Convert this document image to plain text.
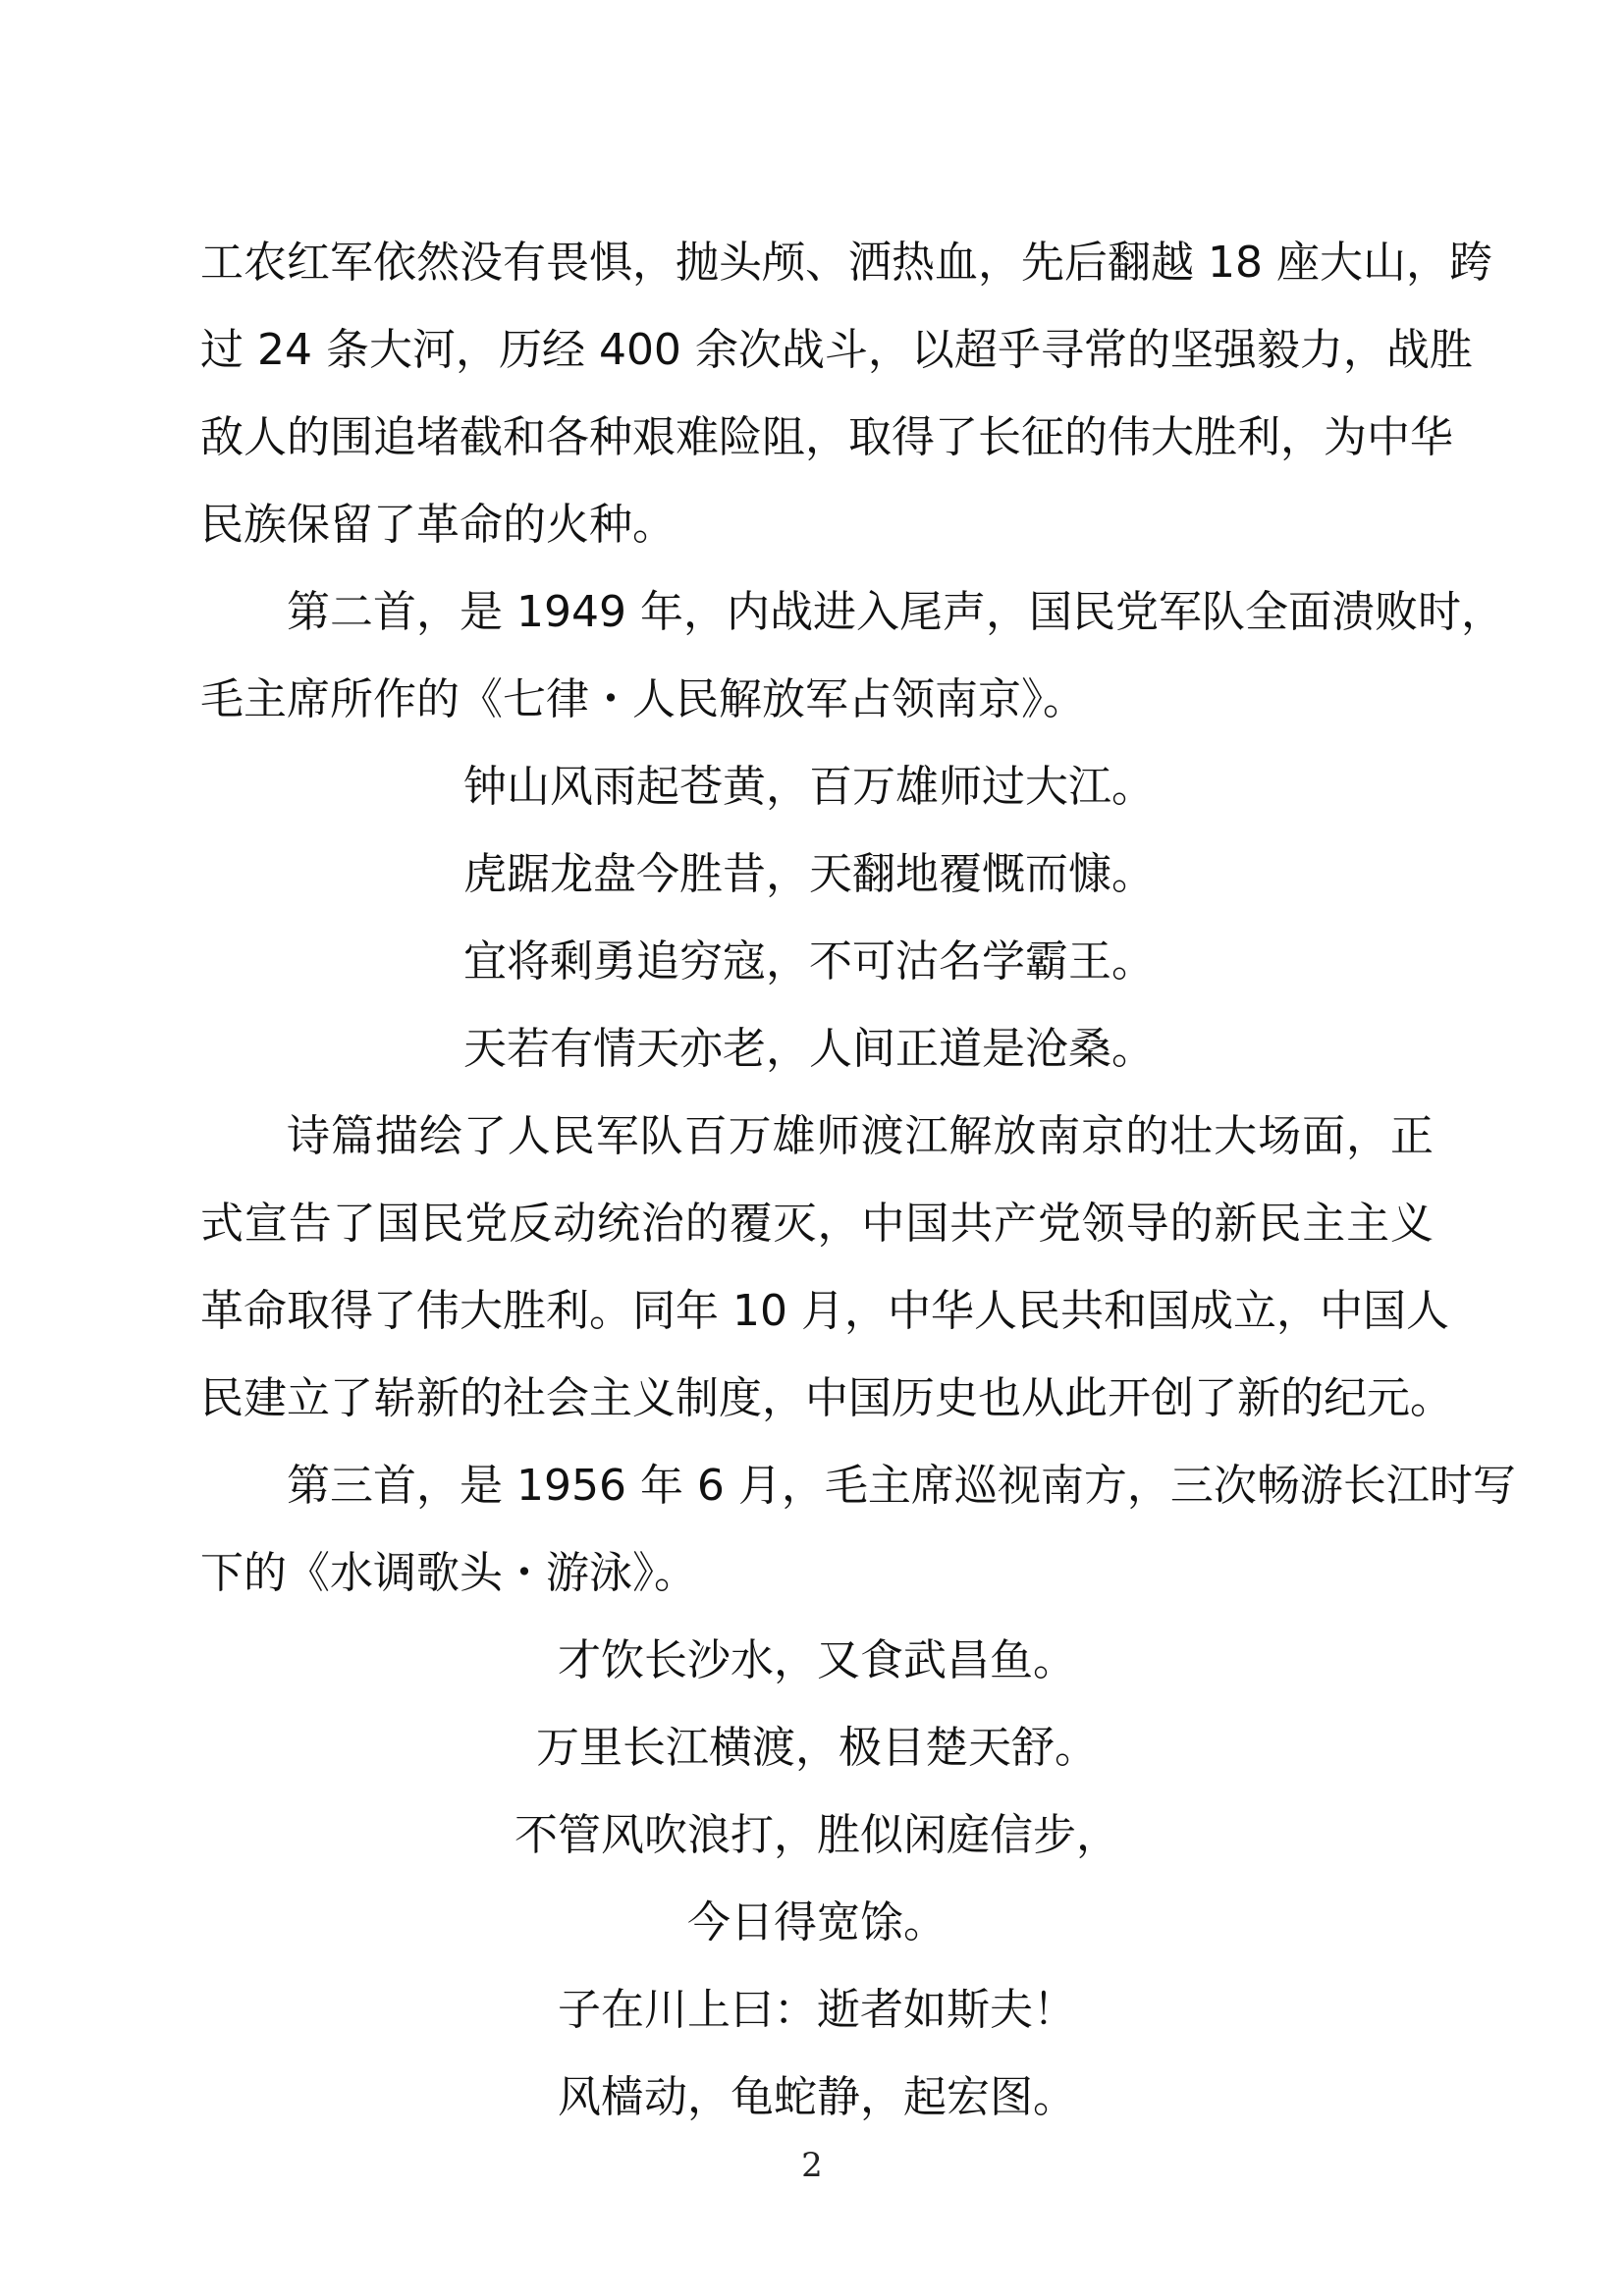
工农红军依然没有畏惧，抛头颅、洒热血，先后翻越 18 座大山，跨
过 24 条大河，历经 400 余次战斗，以超乎寻常的坚强毅力，战胜
敌人的围追堵截和各种艰难险阻，取得了长征的伟大胜利，为中华
民族保留了革命的火种。
第二首，是 1949 年，内战进入尾声，国民党军队全面溃败时，
毛主席所作的《七律・人民解放军占领南京》。
钟山风雨起苍黄，百万雄师过大江。
虎踞龙盘今胜昔，天翻地覆慨而慷。
宜将剩勇追穷寇，不可沽名学霸王。
天若有情天亦老，人间正道是沧桑。
诗篇描绘了人民军队百万雄师渡江解放南京的壮大场面，正
式宣告了国民党反动统治的覆灭，中国共产党领导的新民主主义
革命取得了伟大胜利。同年 10 月，中华人民共和国成立，中国人
民建立了崭新的社会主义制度，中国历史也从此开创了新的纪元。
第三首，是 1956 年 6 月，毛主席巡视南方，三次畅游长江时写
下的《水调歌头・游泳》。
才饮长沙水，又食武昌鱼。
万里长江横渡，极目楚天舒。
不管风吹浪打，胜似闲庭信步，
今日得宽馀。
子在川上曰：逝者如斯夫！
风樯动，龟蛇静，起宏图。
2
